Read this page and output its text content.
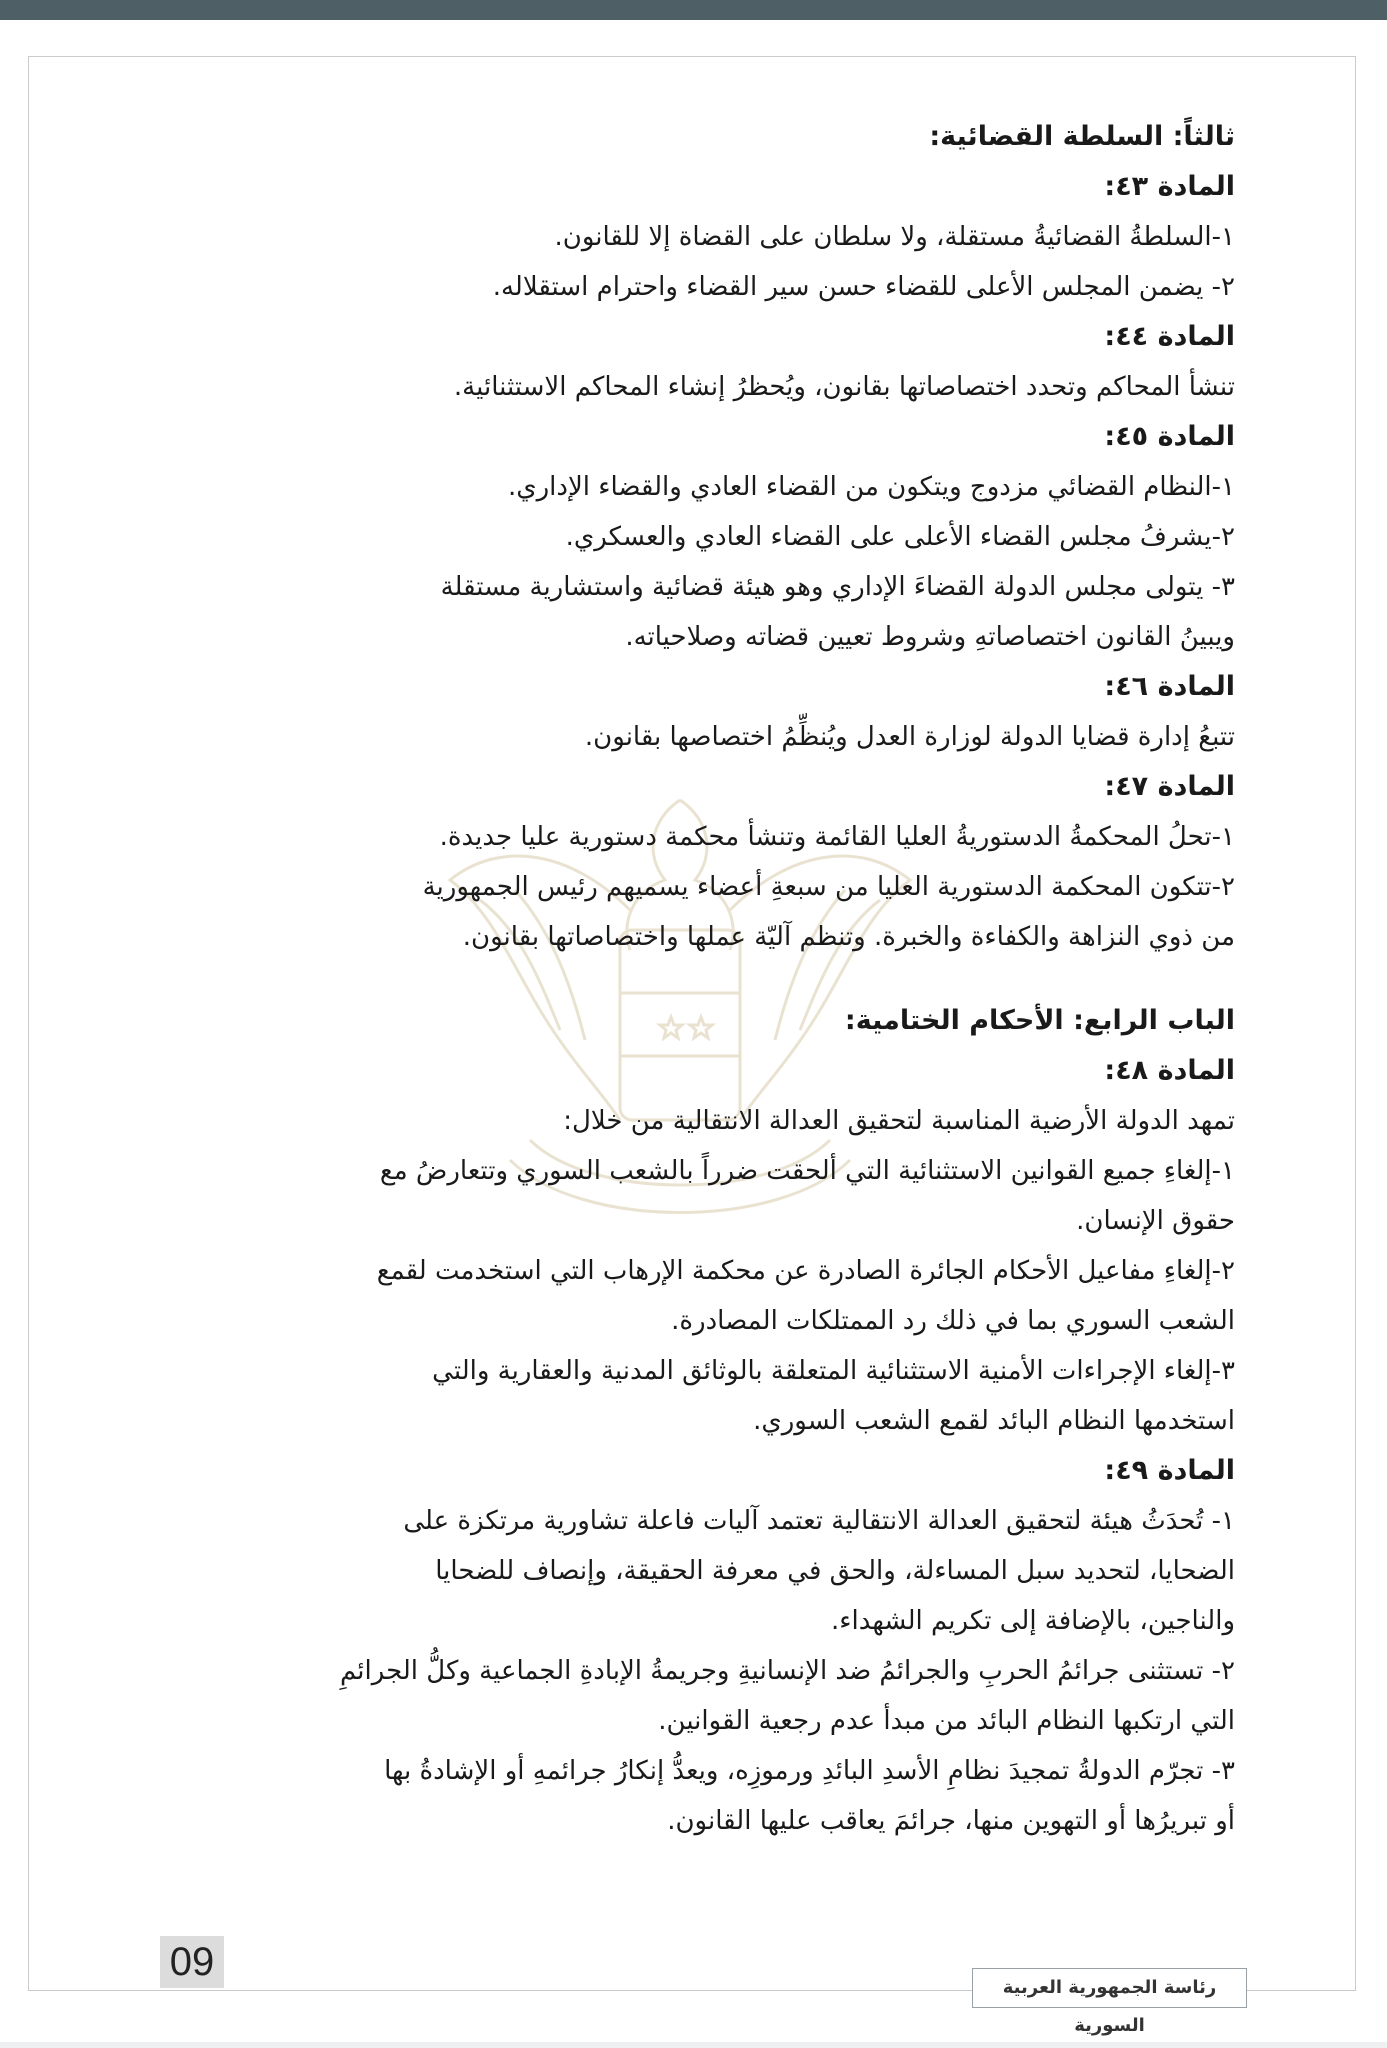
ثالثاً: السلطة القضائية:
المادة ٤٣:
١-السلطةُ القضائيةُ مستقلة، ولا سلطان على القضاة إلا للقانون.
٢- يضمن المجلس الأعلى للقضاء حسن سير القضاء واحترام استقلاله.
المادة ٤٤:
تنشأ المحاكم وتحدد اختصاصاتها بقانون، ويُحظرُ إنشاء المحاكم الاستثنائية.
المادة ٤٥:
١-النظام القضائي مزدوج ويتكون من القضاء العادي والقضاء الإداري.
٢-يشرفُ مجلس القضاء الأعلى على القضاء العادي والعسكري.
٣- يتولى مجلس الدولة القضاءَ الإداري وهو هيئة قضائية واستشارية مستقلة
ويبينُ القانون اختصاصاتهِ وشروط تعيين قضاته وصلاحياته.
المادة ٤٦:
تتبعُ إدارة قضايا الدولة لوزارة العدل ويُنظِّمُ اختصاصها بقانون.
المادة ٤٧:
١-تحلُ المحكمةُ الدستوريةُ العليا القائمة وتنشأ محكمة دستورية عليا جديدة.
٢-تتكون المحكمة الدستورية العليا من سبعةِ أعضاء يسميهم رئيس الجمهورية
من ذوي النزاهة والكفاءة والخبرة. وتنظم آليّة عملها واختصاصاتها بقانون.
الباب الرابع: الأحكام الختامية:
المادة ٤٨:
تمهد الدولة الأرضية المناسبة لتحقيق العدالة الانتقالية من خلال:
١-إلغاءِ جميع القوانين الاستثنائية التي ألحقت ضرراً بالشعب السوري وتتعارضُ مع
حقوق الإنسان.
٢-إلغاءِ مفاعيل الأحكام الجائرة الصادرة عن محكمة الإرهاب التي استخدمت لقمع
الشعب السوري بما في ذلك رد الممتلكات المصادرة.
٣-إلغاء الإجراءات الأمنية الاستثنائية المتعلقة بالوثائق المدنية والعقارية والتي
استخدمها النظام البائد لقمع الشعب السوري.
المادة ٤٩:
١- تُحدَثُ هيئة لتحقيق العدالة الانتقالية تعتمد آليات فاعلة تشاورية مرتكزة على
الضحايا، لتحديد سبل المساءلة، والحق في معرفة الحقيقة، وإنصاف للضحايا
والناجين، بالإضافة إلى تكريم الشهداء.
٢- تستثنى جرائمُ الحربِ والجرائمُ ضد الإنسانيةِ وجريمةُ الإبادةِ الجماعية وكلُّ الجرائمِ
التي ارتكبها النظام البائد من مبدأ عدم رجعية القوانين.
٣- تجرّم الدولةُ تمجيدَ نظامِ الأسدِ البائدِ ورموزِه، ويعدُّ إنكارُ جرائمهِ أو الإشادةُ بها
أو تبريرُها أو التهوين منها، جرائمَ يعاقب عليها القانون.
09
رئاسة الجمهورية العربية السورية
